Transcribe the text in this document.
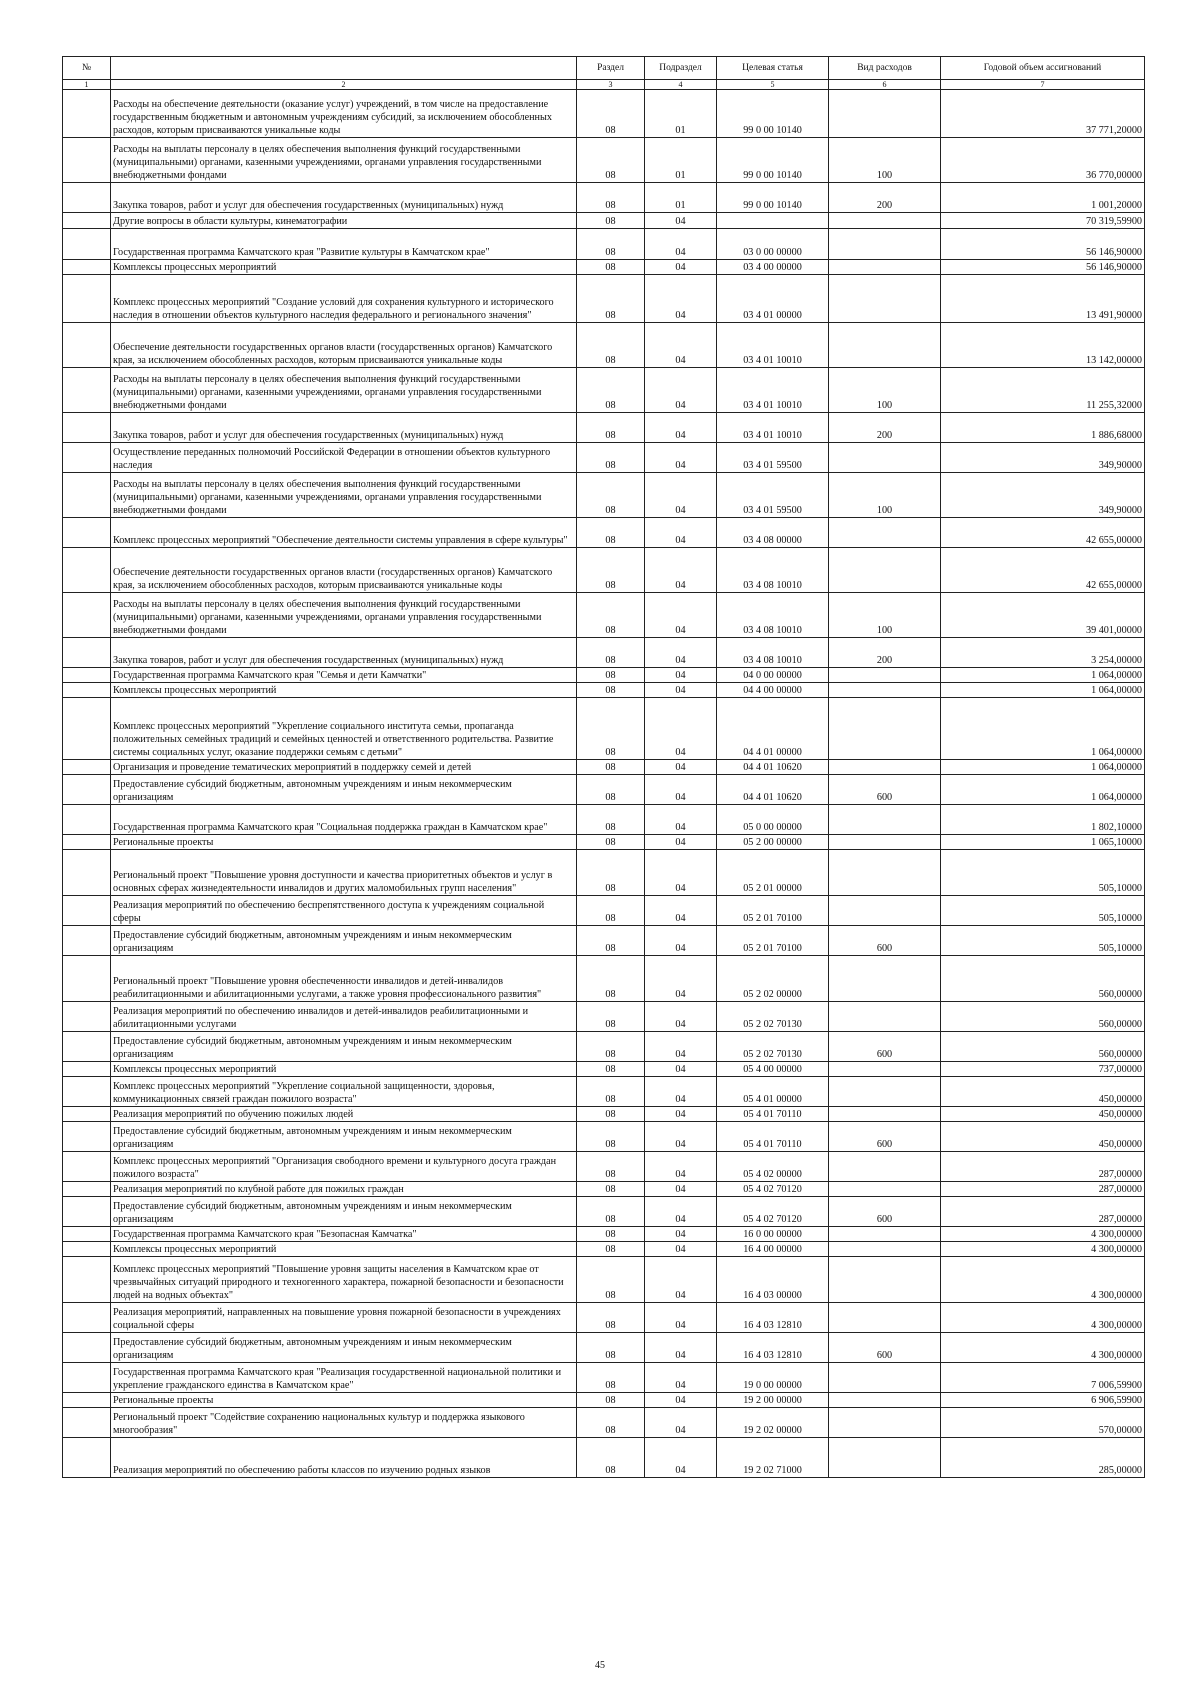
№		Раздел	Подраздел	Целевая статья	Вид расходов	Годовой объем ассигнований
1	2	3	4	5	6	7
	Расходы на обеспечение деятельности (оказание услуг) учреждений, в том числе на предоставление государственным бюджетным и автономным учреждениям субсидий, за исключением обособленных расходов, которым присваиваются уникальные коды	08	01	99 0 00 10140		37 771,20000
	Расходы на выплаты персоналу в целях обеспечения выполнения функций государственными (муниципальными) органами, казенными учреждениями, органами управления государственными внебюджетными фондами	08	01	99 0 00 10140	100	36 770,00000
	Закупка товаров, работ и услуг для обеспечения государственных (муниципальных) нужд	08	01	99 0 00 10140	200	1 001,20000
	Другие вопросы в области культуры, кинематографии	08	04			70 319,59900
	Государственная программа Камчатского края "Развитие культуры в Камчатском крае"	08	04	03 0 00 00000		56 146,90000
	Комплексы процессных мероприятий	08	04	03 4 00 00000		56 146,90000
	Комплекс процессных мероприятий "Создание условий для сохранения культурного и исторического наследия в отношении объектов культурного наследия федерального и регионального значения"	08	04	03 4 01 00000		13 491,90000
	Обеспечение деятельности государственных органов власти (государственных органов) Камчатского края, за исключением обособленных расходов, которым присваиваются уникальные коды	08	04	03 4 01 10010		13 142,00000
	Расходы на выплаты персоналу в целях обеспечения выполнения функций государственными (муниципальными) органами, казенными учреждениями, органами управления государственными внебюджетными фондами	08	04	03 4 01 10010	100	11 255,32000
	Закупка товаров, работ и услуг для обеспечения государственных (муниципальных) нужд	08	04	03 4 01 10010	200	1 886,68000
	Осуществление переданных полномочий Российской Федерации в отношении объектов культурного наследия	08	04	03 4 01 59500		349,90000
	Расходы на выплаты персоналу в целях обеспечения выполнения функций государственными (муниципальными) органами, казенными учреждениями, органами управления государственными внебюджетными фондами	08	04	03 4 01 59500	100	349,90000
	Комплекс процессных мероприятий "Обеспечение деятельности системы управления в сфере культуры"	08	04	03 4 08 00000		42 655,00000
	Обеспечение деятельности государственных органов власти (государственных органов) Камчатского края, за исключением обособленных расходов, которым присваиваются уникальные коды	08	04	03 4 08 10010		42 655,00000
	Расходы на выплаты персоналу в целях обеспечения выполнения функций государственными (муниципальными) органами, казенными учреждениями, органами управления государственными внебюджетными фондами	08	04	03 4 08 10010	100	39 401,00000
	Закупка товаров, работ и услуг для обеспечения государственных (муниципальных) нужд	08	04	03 4 08 10010	200	3 254,00000
	Государственная программа Камчатского края "Семья и дети Камчатки"	08	04	04 0 00 00000		1 064,00000
	Комплексы процессных мероприятий	08	04	04 4 00 00000		1 064,00000
	Комплекс процессных мероприятий "Укрепление социального института семьи, пропаганда положительных семейных традиций и семейных ценностей и ответственного родительства. Развитие системы социальных услуг, оказание поддержки семьям с детьми"	08	04	04 4 01 00000		1 064,00000
	Организация и проведение тематических мероприятий в поддержку семей и детей	08	04	04 4 01 10620		1 064,00000
	Предоставление субсидий бюджетным, автономным учреждениям и иным некоммерческим организациям	08	04	04 4 01 10620	600	1 064,00000
	Государственная программа Камчатского края "Социальная поддержка граждан в Камчатском крае"	08	04	05 0 00 00000		1 802,10000
	Региональные проекты	08	04	05 2 00 00000		1 065,10000
	Региональный проект "Повышение уровня доступности и качества приоритетных объектов и услуг в основных сферах жизнедеятельности инвалидов и других маломобильных групп населения"	08	04	05 2 01 00000		505,10000
	Реализация мероприятий по обеспечению беспрепятственного доступа к учреждениям социальной сферы	08	04	05 2 01 70100		505,10000
	Предоставление субсидий бюджетным, автономным учреждениям и иным некоммерческим организациям	08	04	05 2 01 70100	600	505,10000
	Региональный проект "Повышение уровня обеспеченности инвалидов и детей-инвалидов реабилитационными и абилитационными услугами, а также уровня профессионального развития"	08	04	05 2 02 00000		560,00000
	Реализация мероприятий по обеспечению инвалидов и детей-инвалидов реабилитационными и абилитационными услугами	08	04	05 2 02 70130		560,00000
	Предоставление субсидий бюджетным, автономным учреждениям и иным некоммерческим организациям	08	04	05 2 02 70130	600	560,00000
	Комплексы процессных мероприятий	08	04	05 4 00 00000		737,00000
	Комплекс процессных мероприятий "Укрепление социальной защищенности, здоровья, коммуникационных связей граждан пожилого возраста"	08	04	05 4 01 00000		450,00000
	Реализация мероприятий по обучению пожилых людей	08	04	05 4 01 70110		450,00000
	Предоставление субсидий бюджетным, автономным учреждениям и иным некоммерческим организациям	08	04	05 4 01 70110	600	450,00000
	Комплекс процессных мероприятий "Организация свободного времени и культурного досуга граждан пожилого возраста"	08	04	05 4 02 00000		287,00000
	Реализация мероприятий по клубной работе для пожилых граждан	08	04	05 4 02 70120		287,00000
	Предоставление субсидий бюджетным, автономным учреждениям и иным некоммерческим организациям	08	04	05 4 02 70120	600	287,00000
	Государственная программа Камчатского края "Безопасная Камчатка"	08	04	16 0 00 00000		4 300,00000
	Комплексы процессных мероприятий	08	04	16 4 00 00000		4 300,00000
	Комплекс процессных мероприятий "Повышение уровня защиты населения в Камчатском крае от чрезвычайных ситуаций природного и техногенного характера, пожарной безопасности и безопасности людей на водных объектах"	08	04	16 4 03 00000		4 300,00000
	Реализация мероприятий, направленных на повышение уровня пожарной безопасности в учреждениях социальной сферы	08	04	16 4 03 12810		4 300,00000
	Предоставление субсидий бюджетным, автономным учреждениям и иным некоммерческим организациям	08	04	16 4 03 12810	600	4 300,00000
	Государственная программа Камчатского края "Реализация государственной национальной политики и укрепление гражданского единства в Камчатском крае"	08	04	19 0 00 00000		7 006,59900
	Региональные проекты	08	04	19 2 00 00000		6 906,59900
	Региональный проект "Содействие сохранению национальных культур и поддержка языкового многообразия"	08	04	19 2 02 00000		570,00000
	Реализация мероприятий по обеспечению работы классов по изучению родных языков	08	04	19 2 02 71000		285,00000
45
